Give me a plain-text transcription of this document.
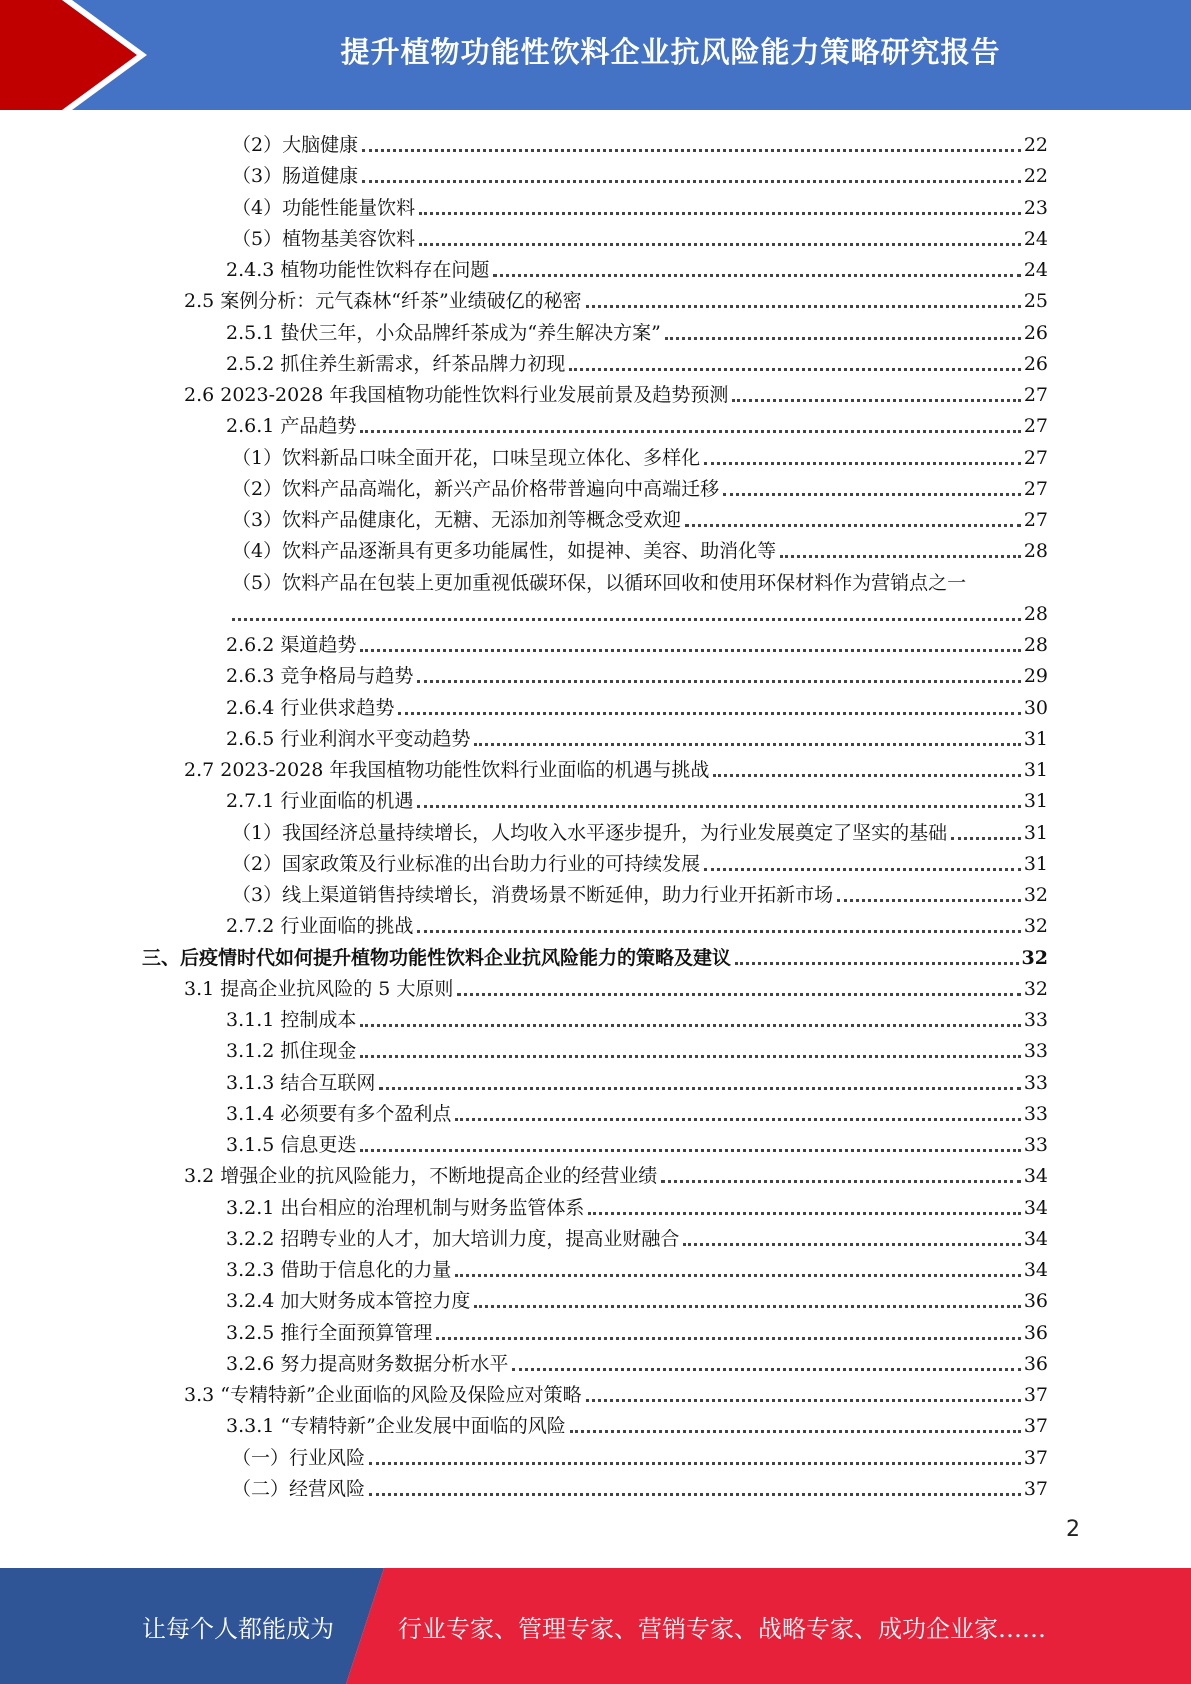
提升植物功能性饮料企业抗风险能力策略研究报告
（2）大脑健康	22
（3）肠道健康	22
（4）功能性能量饮料	23
（5）植物基美容饮料	24
2.4.3 植物功能性饮料存在问题	24
2.5 案例分析：元气森林“纤茶”业绩破亿的秘密	25
2.5.1 蛰伏三年，小众品牌纤茶成为“养生解决方案”	26
2.5.2 抓住养生新需求，纤茶品牌力初现	26
2.6 2023-2028 年我国植物功能性饮料行业发展前景及趋势预测	27
2.6.1 产品趋势	27
（1）饮料新品口味全面开花，口味呈现立体化、多样化	27
（2）饮料产品高端化，新兴产品价格带普遍向中高端迁移	27
（3）饮料产品健康化，无糖、无添加剂等概念受欢迎	27
（4）饮料产品逐渐具有更多功能属性，如提神、美容、助消化等	28
（5）饮料产品在包装上更加重视低碳环保，以循环回收和使用环保材料作为营销点之一
28
2.6.2 渠道趋势	28
2.6.3 竞争格局与趋势	29
2.6.4 行业供求趋势	30
2.6.5 行业利润水平变动趋势	31
2.7 2023-2028 年我国植物功能性饮料行业面临的机遇与挑战	31
2.7.1 行业面临的机遇	31
（1）我国经济总量持续增长，人均收入水平逐步提升，为行业发展奠定了坚实的基础	31
（2）国家政策及行业标准的出台助力行业的可持续发展	31
（3）线上渠道销售持续增长，消费场景不断延伸，助力行业开拓新市场	32
2.7.2 行业面临的挑战	32
三、后疫情时代如何提升植物功能性饮料企业抗风险能力的策略及建议	32
3.1 提高企业抗风险的 5 大原则	32
3.1.1 控制成本	33
3.1.2 抓住现金	33
3.1.3 结合互联网	33
3.1.4 必须要有多个盈利点	33
3.1.5 信息更迭	33
3.2 增强企业的抗风险能力，不断地提高企业的经营业绩	34
3.2.1 出台相应的治理机制与财务监管体系	34
3.2.2 招聘专业的人才，加大培训力度，提高业财融合	34
3.2.3 借助于信息化的力量	34
3.2.4 加大财务成本管控力度	36
3.2.5 推行全面预算管理	36
3.2.6 努力提高财务数据分析水平	36
3.3 “专精特新”企业面临的风险及保险应对策略	37
3.3.1 “专精特新”企业发展中面临的风险	37
（一）行业风险	37
（二）经营风险	37
2
让每个人都能成为	行业专家、管理专家、营销专家、战略专家、成功企业家……
